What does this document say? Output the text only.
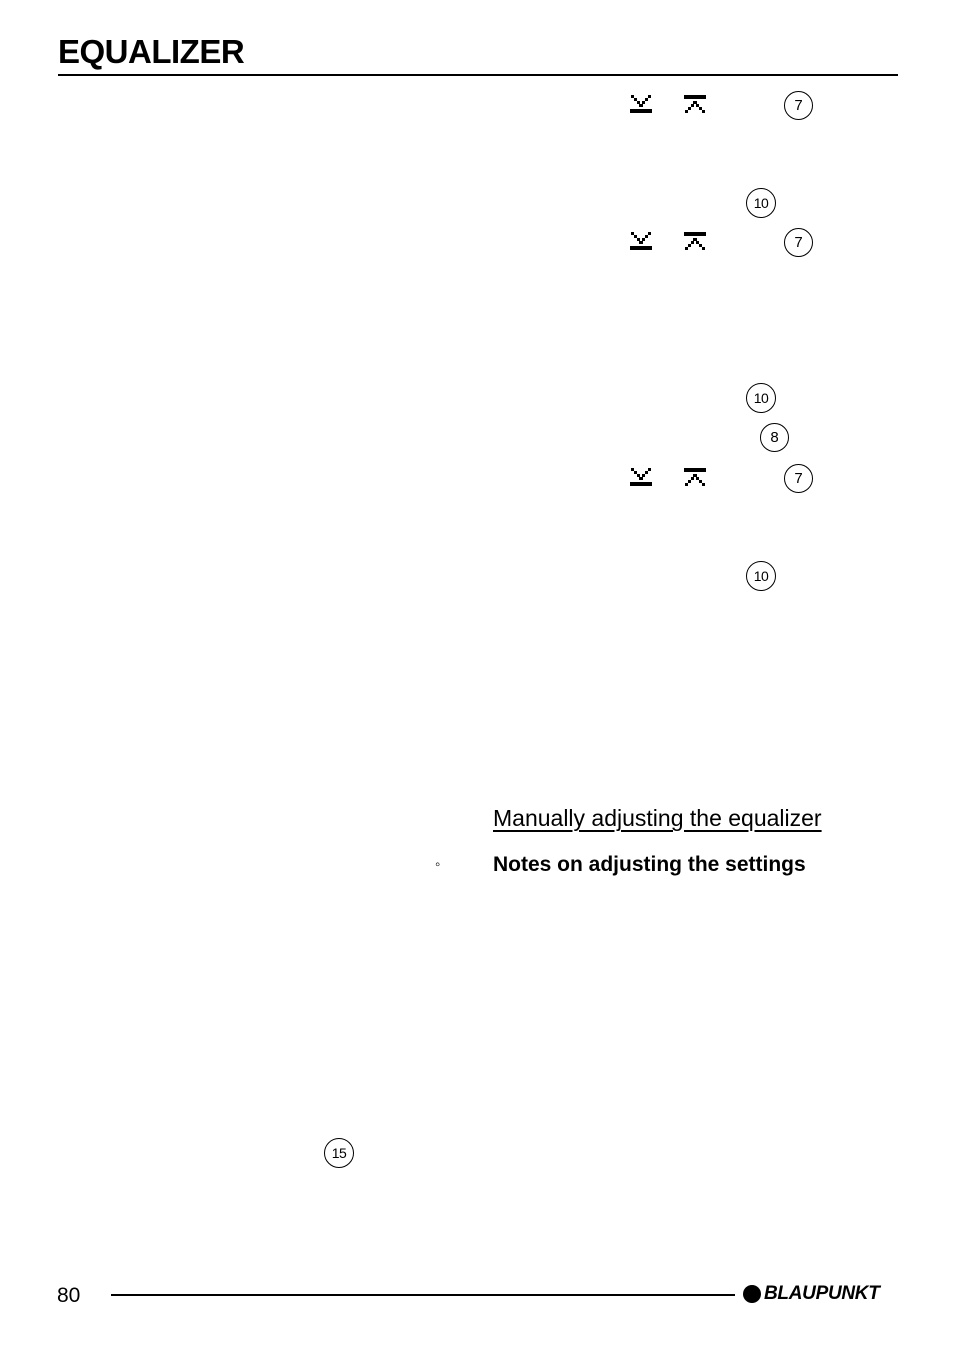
EQUALIZER
7
10
7
10
8
7
10
Manually adjusting the equalizer
◦	Notes on adjusting the settings
15
80	BLAUPUNKT
